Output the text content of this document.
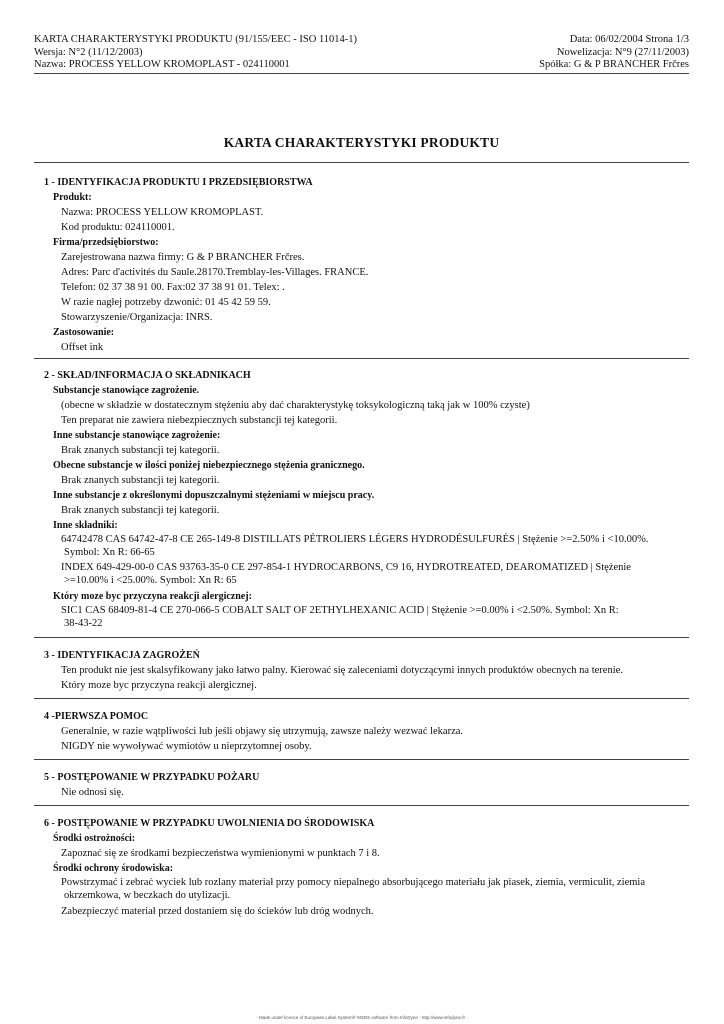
KARTA CHARAKTERYSTYKI PRODUKTU (91/155/EEC - ISO 11014-1)	Data: 06/02/2004 Strona 1/3
Wersja: N°2 (11/12/2003)	Nowelizacja: N°9 (27/11/2003)
Nazwa: PROCESS YELLOW KROMOPLAST - 024110001	Spółka: G & P BRANCHER Frčres
KARTA CHARAKTERYSTYKI PRODUKTU
1 - IDENTYFIKACJA PRODUKTU I PRZEDSIĘBIORSTWA
Produkt:
Nazwa: PROCESS YELLOW KROMOPLAST.
Kod produktu: 024110001.
Firma/przedsiębiorstwo:
Zarejestrowana nazwa firmy: G & P BRANCHER Frčres.
Adres: Parc d'activités du Saule.28170.Tremblay-les-Villages. FRANCE.
Telefon: 02 37 38 91 00. Fax:02 37 38 91 01. Telex: .
W razie nagłej potrzeby dzwonić: 01 45 42 59 59.
Stowarzyszenie/Organizacja: INRS.
Zastosowanie:
Offset ink
2 - SKŁAD/INFORMACJA O SKŁADNIKACH
Substancje stanowiące zagrożenie.
(obecne w składzie w dostatecznym stężeniu aby dać charakterystykę toksykologiczną taką jak w 100% czyste)
Ten preparat nie zawiera niebezpiecznych substancji tej kategorii.
Inne substancje stanowiące zagrożenie:
Brak znanych substancji tej kategorii.
Obecne substancje w ilości poniżej niebezpiecznego stężenia granicznego.
Brak znanych substancji tej kategorii.
Inne substancje z określonymi dopuszczalnymi stężeniami w miejscu pracy.
Brak znanych substancji tej kategorii.
Inne składniki:
64742478 CAS 64742-47-8 CE 265-149-8 DISTILLATS PÉTROLIERS LÉGERS HYDRODÉSULFURÉS | Stężenie >=2.50% i <10.00%.
Symbol: Xn R: 66-65
INDEX 649-429-00-0 CAS 93763-35-0 CE 297-854-1 HYDROCARBONS, C9 16, HYDROTREATED, DEAROMATIZED | Stężenie
>=10.00% i <25.00%. Symbol: Xn R: 65
Który moze byc przyczyna reakcji alergicznej:
SIC1 CAS 68409-81-4 CE 270-066-5 COBALT SALT OF 2ETHYLHEXANIC ACID | Stężenie >=0.00% i <2.50%. Symbol: Xn R:
38-43-22
3 - IDENTYFIKACJA ZAGROŻEŃ
Ten produkt nie jest skalsyfikowany jako łatwo palny. Kierować się zaleceniami dotyczącymi innych produktów obecnych na terenie.
Który moze byc przyczyna reakcji alergicznej.
4 -PIERWSZA POMOC
Generalnie, w razie wątpliwości lub jeśli objawy się utrzymują, zawsze należy wezwać lekarza.
NIGDY nie wywoływać wymiotów u nieprzytomnej osoby.
5 - POSTĘPOWANIE W PRZYPADKU POŻARU
Nie odnosi się.
6 - POSTĘPOWANIE W PRZYPADKU UWOLNIENIA DO ŚRODOWISKA
Środki ostrożności:
Zapoznać się ze środkami bezpieczeństwa wymienionymi w punktach 7 i 8.
Środki ochrony środowiska:
Powstrzymać i zebrać wyciek lub rozlany materiał przy pomocy niepalnego absorbującego materiału jak piasek, ziemia, vermiculit, ziemia
okrzemkowa, w beczkach do utylizacji.
Zabezpieczyć materiał przed dostaniem się do ścieków lub dróg wodnych.
- Made under licence of European Label System® MSDS software from InfoDyne - http://www.infodyne.fr -
